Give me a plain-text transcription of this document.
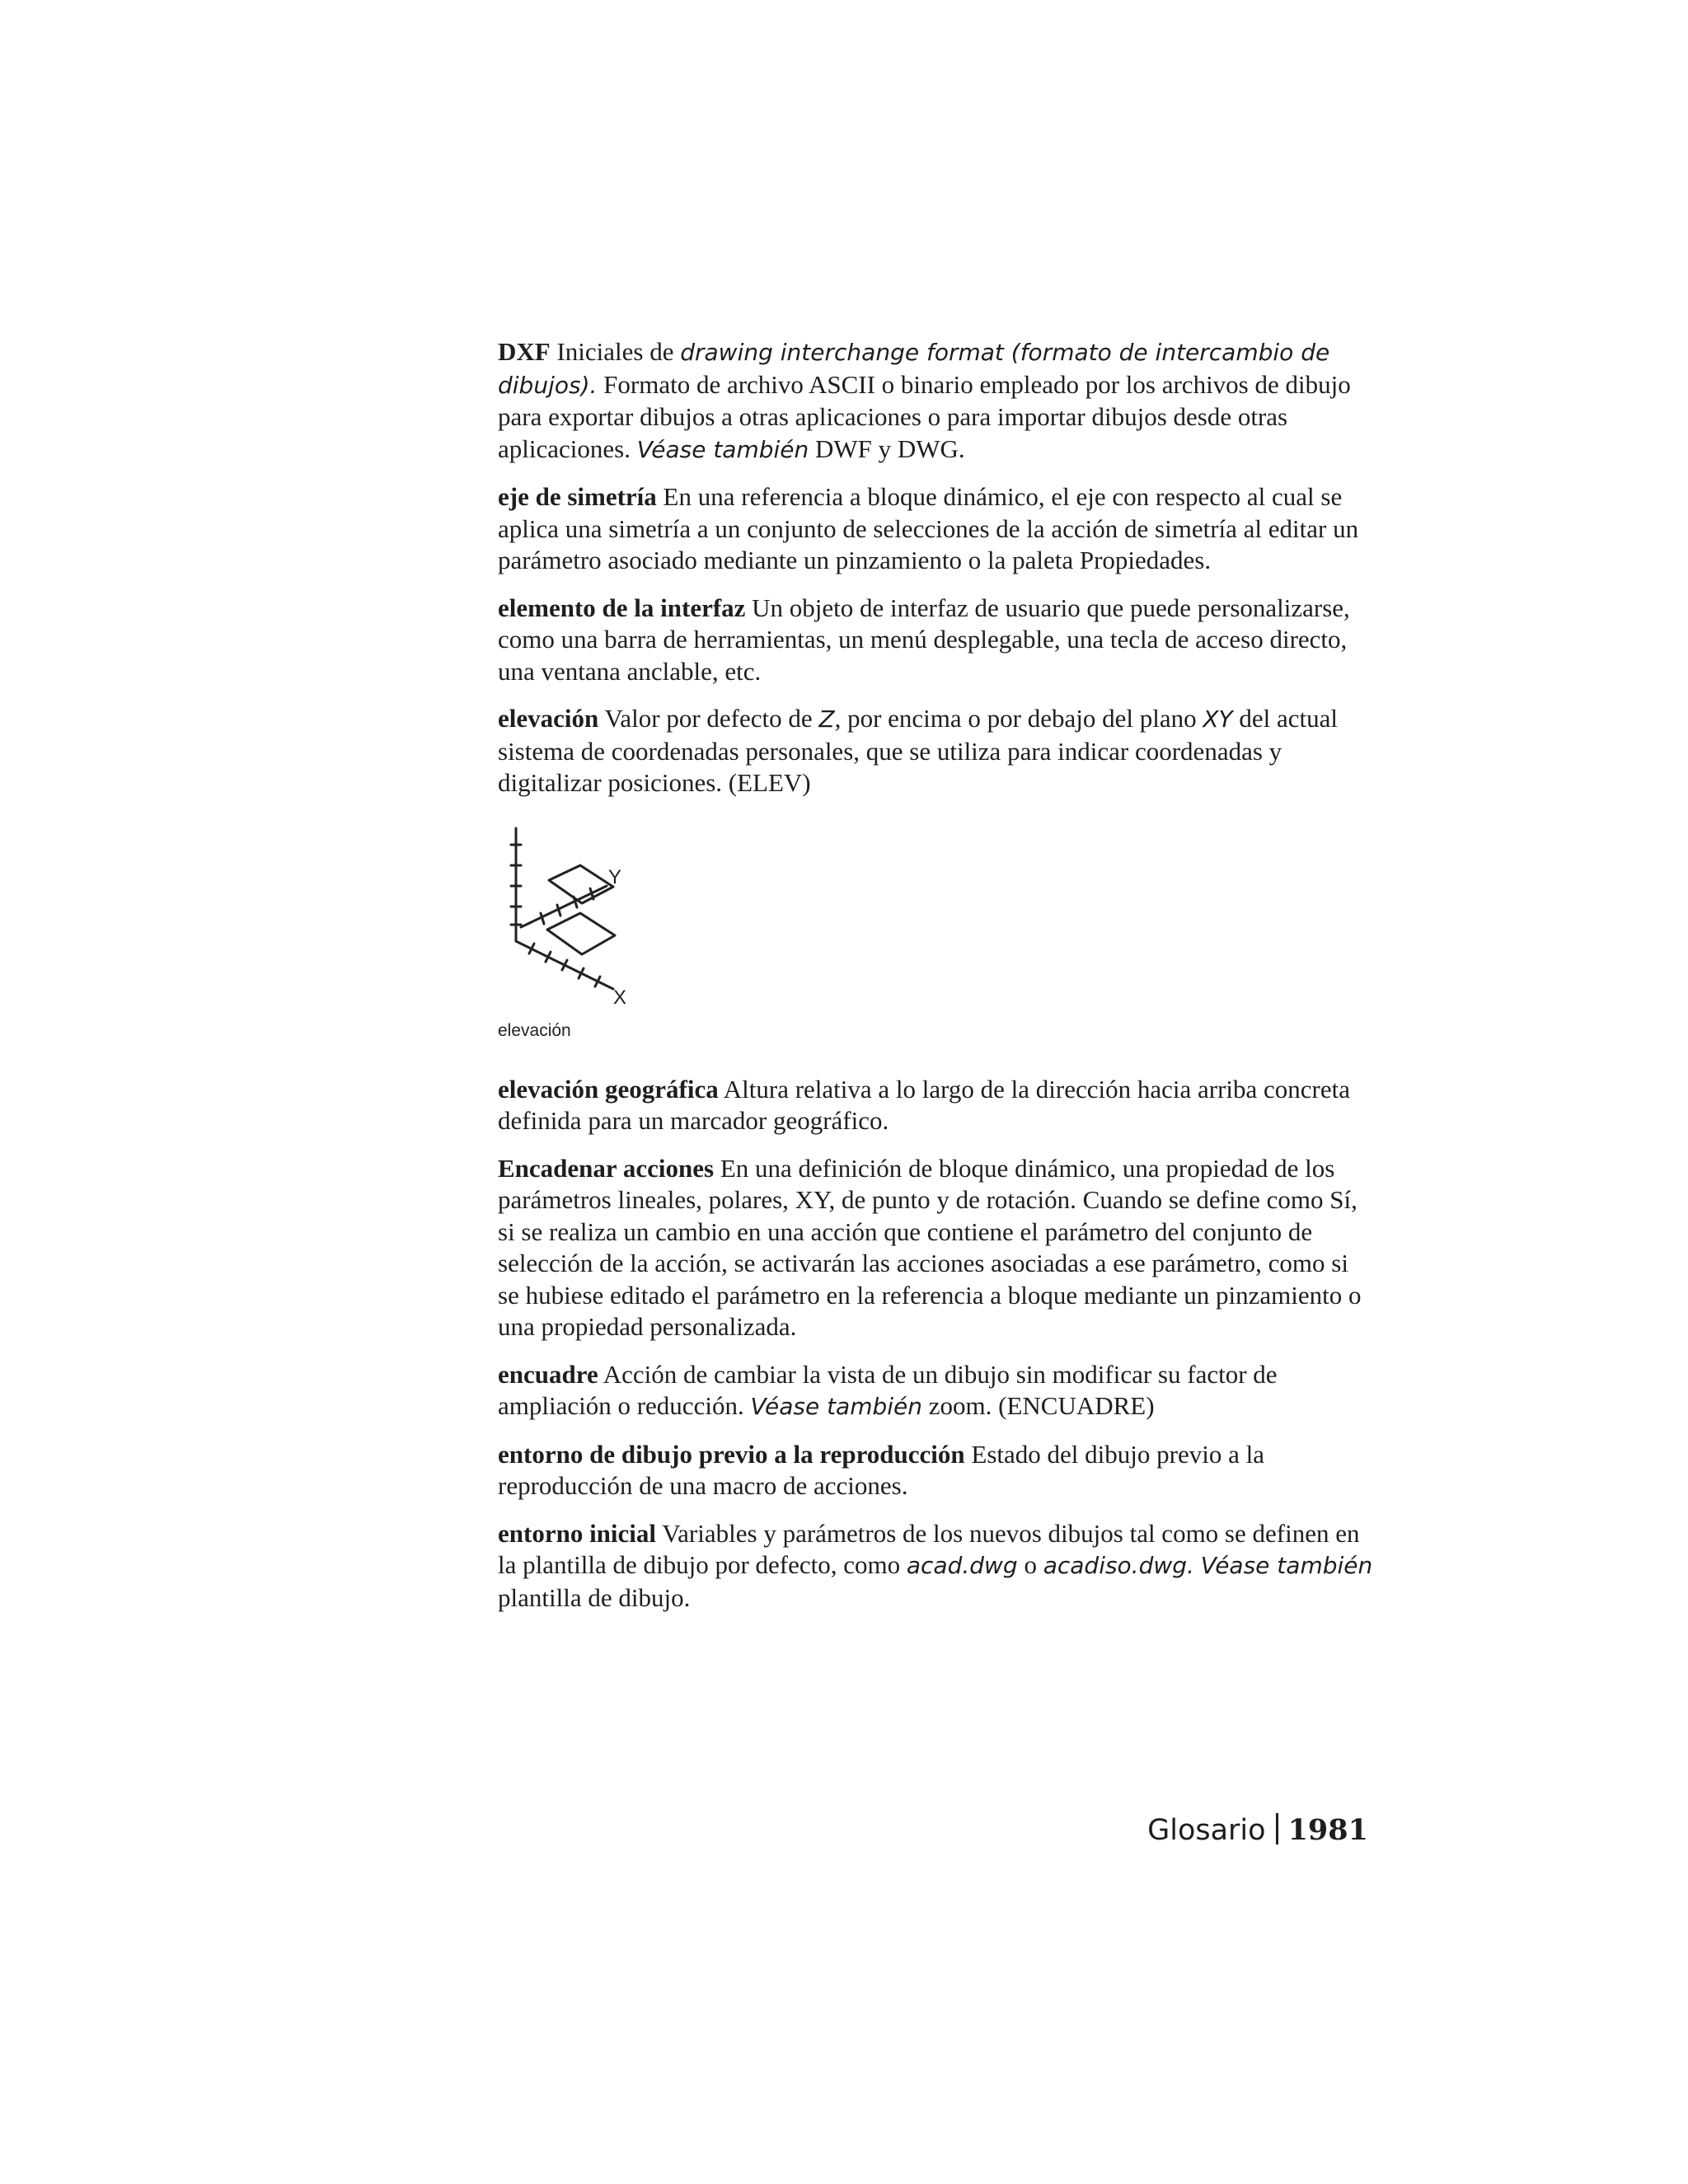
DXF Iniciales de drawing interchange format (formato de intercambio de dibujos). Formato de archivo ASCII o binario empleado por los archivos de dibujo para exportar dibujos a otras aplicaciones o para importar dibujos desde otras aplicaciones. Véase también DWF y DWG.

eje de simetría En una referencia a bloque dinámico, el eje con respecto al cual se aplica una simetría a un conjunto de selecciones de la acción de simetría al editar un parámetro asociado mediante un pinzamiento o la paleta Propiedades.

elemento de la interfaz Un objeto de interfaz de usuario que puede personalizarse, como una barra de herramientas, un menú desplegable, una tecla de acceso directo, una ventana anclable, etc.

elevación Valor por defecto de Z, por encima o por debajo del plano XY del actual sistema de coordenadas personales, que se utiliza para indicar coordenadas y digitalizar posiciones. (ELEV)

Y
X
elevación

elevación geográfica Altura relativa a lo largo de la dirección hacia arriba concreta definida para un marcador geográfico.

Encadenar acciones En una definición de bloque dinámico, una propiedad de los parámetros lineales, polares, XY, de punto y de rotación. Cuando se define como Sí, si se realiza un cambio en una acción que contiene el parámetro del conjunto de selección de la acción, se activarán las acciones asociadas a ese parámetro, como si se hubiese editado el parámetro en la referencia a bloque mediante un pinzamiento o una propiedad personalizada.

encuadre Acción de cambiar la vista de un dibujo sin modificar su factor de ampliación o reducción. Véase también zoom. (ENCUADRE)

entorno de dibujo previo a la reproducción Estado del dibujo previo a la reproducción de una macro de acciones.

entorno inicial Variables y parámetros de los nuevos dibujos tal como se definen en la plantilla de dibujo por defecto, como acad.dwg o acadiso.dwg. Véase también plantilla de dibujo.

Glosario 1981
